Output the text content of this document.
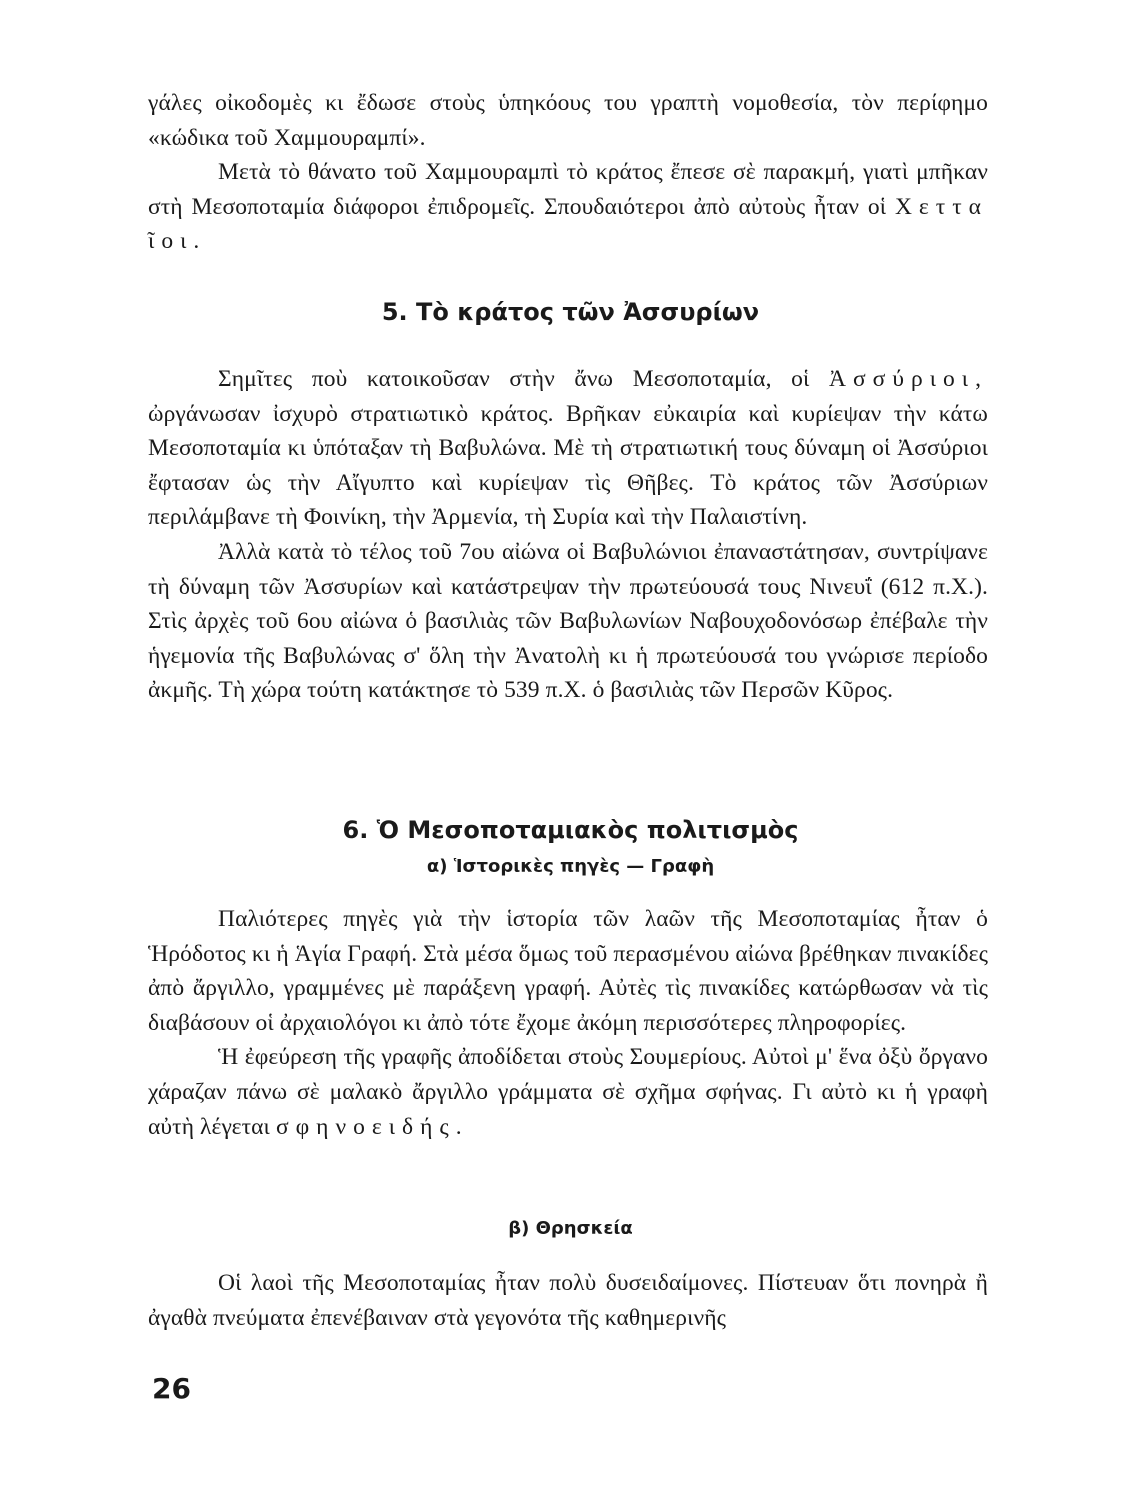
γάλες οἰκοδομὲς κι ἔδωσε στοὺς ὑπηκόους του γραπτὴ νομοθεσία, τὸν περίφημο «κώδικα τοῦ Χαμμουραμπί».

Μετὰ τὸ θάνατο τοῦ Χαμμουραμπὶ τὸ κράτος ἔπεσε σὲ παρακμή, γιατὶ μπῆκαν στὴ Μεσοποταμία διάφοροι ἐπιδρομεῖς. Σπουδαιότεροι ἀπὸ αὐτοὺς ἦταν οἱ Χεττα ῖοι.

5. Τὸ κράτος τῶν Ἀσσυρίων

Σημῖτες ποὺ κατοικοῦσαν στὴν ἄνω Μεσοποταμία, οἱ Ἀσσύριοι, ὠργάνωσαν ἰσχυρὸ στρατιωτικὸ κράτος. Βρῆκαν εὐκαιρία καὶ κυρίεψαν τὴν κάτω Μεσοποταμία κι ὑπόταξαν τὴ Βαβυλώνα. Μὲ τὴ στρατιωτική τους δύναμη οἱ Ἀσσύριοι ἔφτασαν ὡς τὴν Αἴγυπτο καὶ κυρίεψαν τὶς Θῆβες. Τὸ κράτος τῶν Ἀσσύριων περιλάμβανε τὴ Φοινίκη, τὴν Ἀρμενία, τὴ Συρία καὶ τὴν Παλαιστίνη.

Ἀλλὰ κατὰ τὸ τέλος τοῦ 7ου αἰώνα οἱ Βαβυλώνιοι ἐπαναστάτησαν, συντρίψανε τὴ δύναμη τῶν Ἀσσυρίων καὶ κατάστρεψαν τὴν πρωτεύουσά τους Νινευΐ (612 π.Χ.). Στὶς ἀρχὲς τοῦ 6ου αἰώνα ὁ βασιλιὰς τῶν Βαβυλωνίων Ναβουχοδονόσωρ ἐπέβαλε τὴν ἡγεμονία τῆς Βαβυλώνας σ' ὅλη τὴν Ἀνατολὴ κι ἡ πρωτεύουσά του γνώρισε περίοδο ἀκμῆς. Τὴ χώρα τούτη κατάκτησε τὸ 539 π.Χ. ὁ βασιλιὰς τῶν Περσῶν Κῦρος.

6. Ὁ Μεσοποταμιακὸς πολιτισμὸς
α) Ἱστορικὲς πηγὲς — Γραφὴ

Παλιότερες πηγὲς γιὰ τὴν ἱστορία τῶν λαῶν τῆς Μεσοποταμίας ἦταν ὁ Ἡρόδοτος κι ἡ Ἁγία Γραφή. Στὰ μέσα ὅμως τοῦ περασμένου αἰώνα βρέθηκαν πινακίδες ἀπὸ ἄργιλλο, γραμμένες μὲ παράξενη γραφή. Αὐτὲς τὶς πινακίδες κατώρθωσαν νὰ τὶς διαβάσουν οἱ ἀρχαιολόγοι κι ἀπὸ τότε ἔχομε ἀκόμη περισσότερες πληροφορίες.

Ἡ ἐφεύρεση τῆς γραφῆς ἀποδίδεται στοὺς Σουμερίους. Αὐτοὶ μ' ἕνα ὀξὺ ὄργανο χάραζαν πάνω σὲ μαλακὸ ἄργιλλο γράμματα σὲ σχῆμα σφήνας. Γι αὐτὸ κι ἡ γραφὴ αὐτὴ λέγεται σφηνοειδής.

β) Θρησκεία

Οἱ λαοὶ τῆς Μεσοποταμίας ἦταν πολὺ δυσειδαίμονες. Πίστευαν ὅτι πονηρὰ ἢ ἀγαθὰ πνεύματα ἐπενέβαιναν στὰ γεγονότα τῆς καθημερινῆς

26
